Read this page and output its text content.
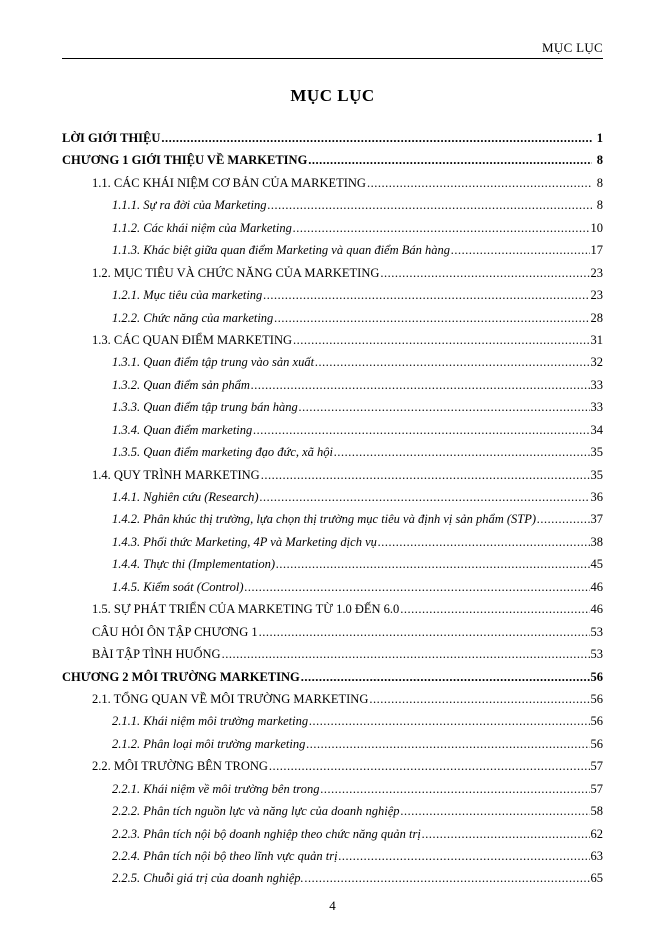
MỤC LỤC
MỤC LỤC
LỜI GIỚI THIỆU .....	1
CHƯƠNG 1 GIỚI THIỆU VỀ MARKETING .....	8
1.1. CÁC KHÁI NIỆM CƠ BẢN CỦA MARKETING .....	8
1.1.1. Sự ra đời của Marketing .....	8
1.1.2. Các khái niệm của Marketing .....	10
1.1.3. Khác biệt giữa quan điểm Marketing và quan điểm Bán hàng .....	17
1.2. MỤC TIÊU VÀ CHỨC NĂNG CỦA MARKETING .....	23
1.2.1. Mục tiêu của marketing .....	23
1.2.2. Chức năng của marketing .....	28
1.3. CÁC QUAN ĐIỂM MARKETING .....	31
1.3.1. Quan điểm tập trung vào sản xuất .....	32
1.3.2. Quan điểm sản phẩm .....	33
1.3.3. Quan điểm tập trung bán hàng .....	33
1.3.4. Quan điểm marketing .....	34
1.3.5. Quan điểm marketing đạo đức, xã hội .....	35
1.4. QUY TRÌNH MARKETING .....	35
1.4.1. Nghiên cứu (Research) .....	36
1.4.2. Phân khúc thị trường, lựa chọn thị trường mục tiêu và định vị sản phẩm (STP) .....	37
1.4.3. Phối thức Marketing, 4P và Marketing dịch vụ .....	38
1.4.4. Thực thi (Implementation) .....	45
1.4.5. Kiểm soát (Control) .....	46
1.5. SỰ PHÁT TRIỂN CỦA MARKETING TỪ 1.0 ĐẾN 6.0 .....	46
CÂU HỎI ÔN TẬP CHƯƠNG 1 .....	53
BÀI TẬP TÌNH HUỐNG .....	53
CHƯƠNG 2 MÔI TRƯỜNG MARKETING .....	56
2.1. TỔNG QUAN VỀ MÔI TRƯỜNG MARKETING .....	56
2.1.1. Khái niệm môi trường marketing .....	56
2.1.2. Phân loại môi trường marketing .....	56
2.2. MÔI TRƯỜNG BÊN TRONG .....	57
2.2.1. Khái niệm về môi trường bên trong .....	57
2.2.2. Phân tích nguồn lực và năng lực của doanh nghiệp .....	58
2.2.3. Phân tích nội bộ doanh nghiệp theo chức năng quản trị .....	62
2.2.4. Phân tích nội bộ theo lĩnh vực quản trị .....	63
2.2.5. Chuỗi giá trị của doanh nghiệp. .....	65
4
